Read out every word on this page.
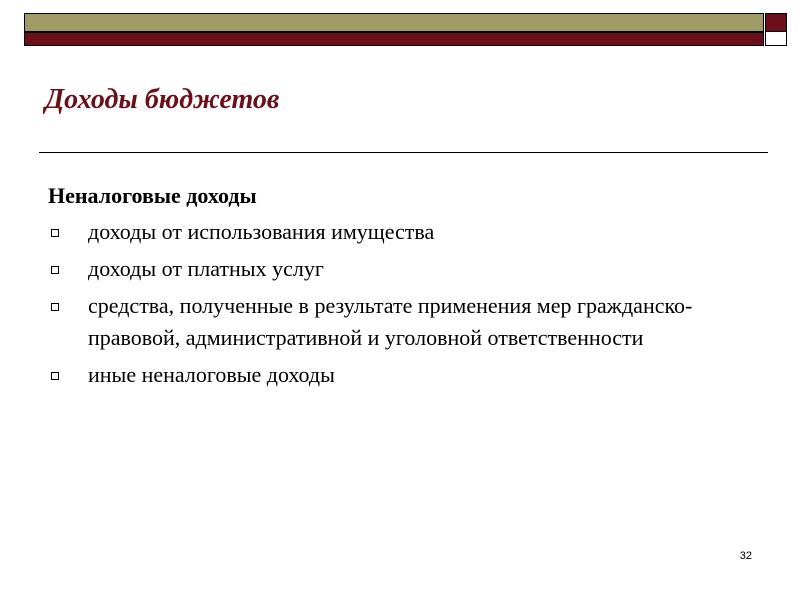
Доходы бюджетов
Неналоговые доходы
доходы от использования имущества
доходы от платных услуг
средства, полученные в результате применения мер гражданско-правовой, административной и уголовной ответственности
иные неналоговые доходы
32
